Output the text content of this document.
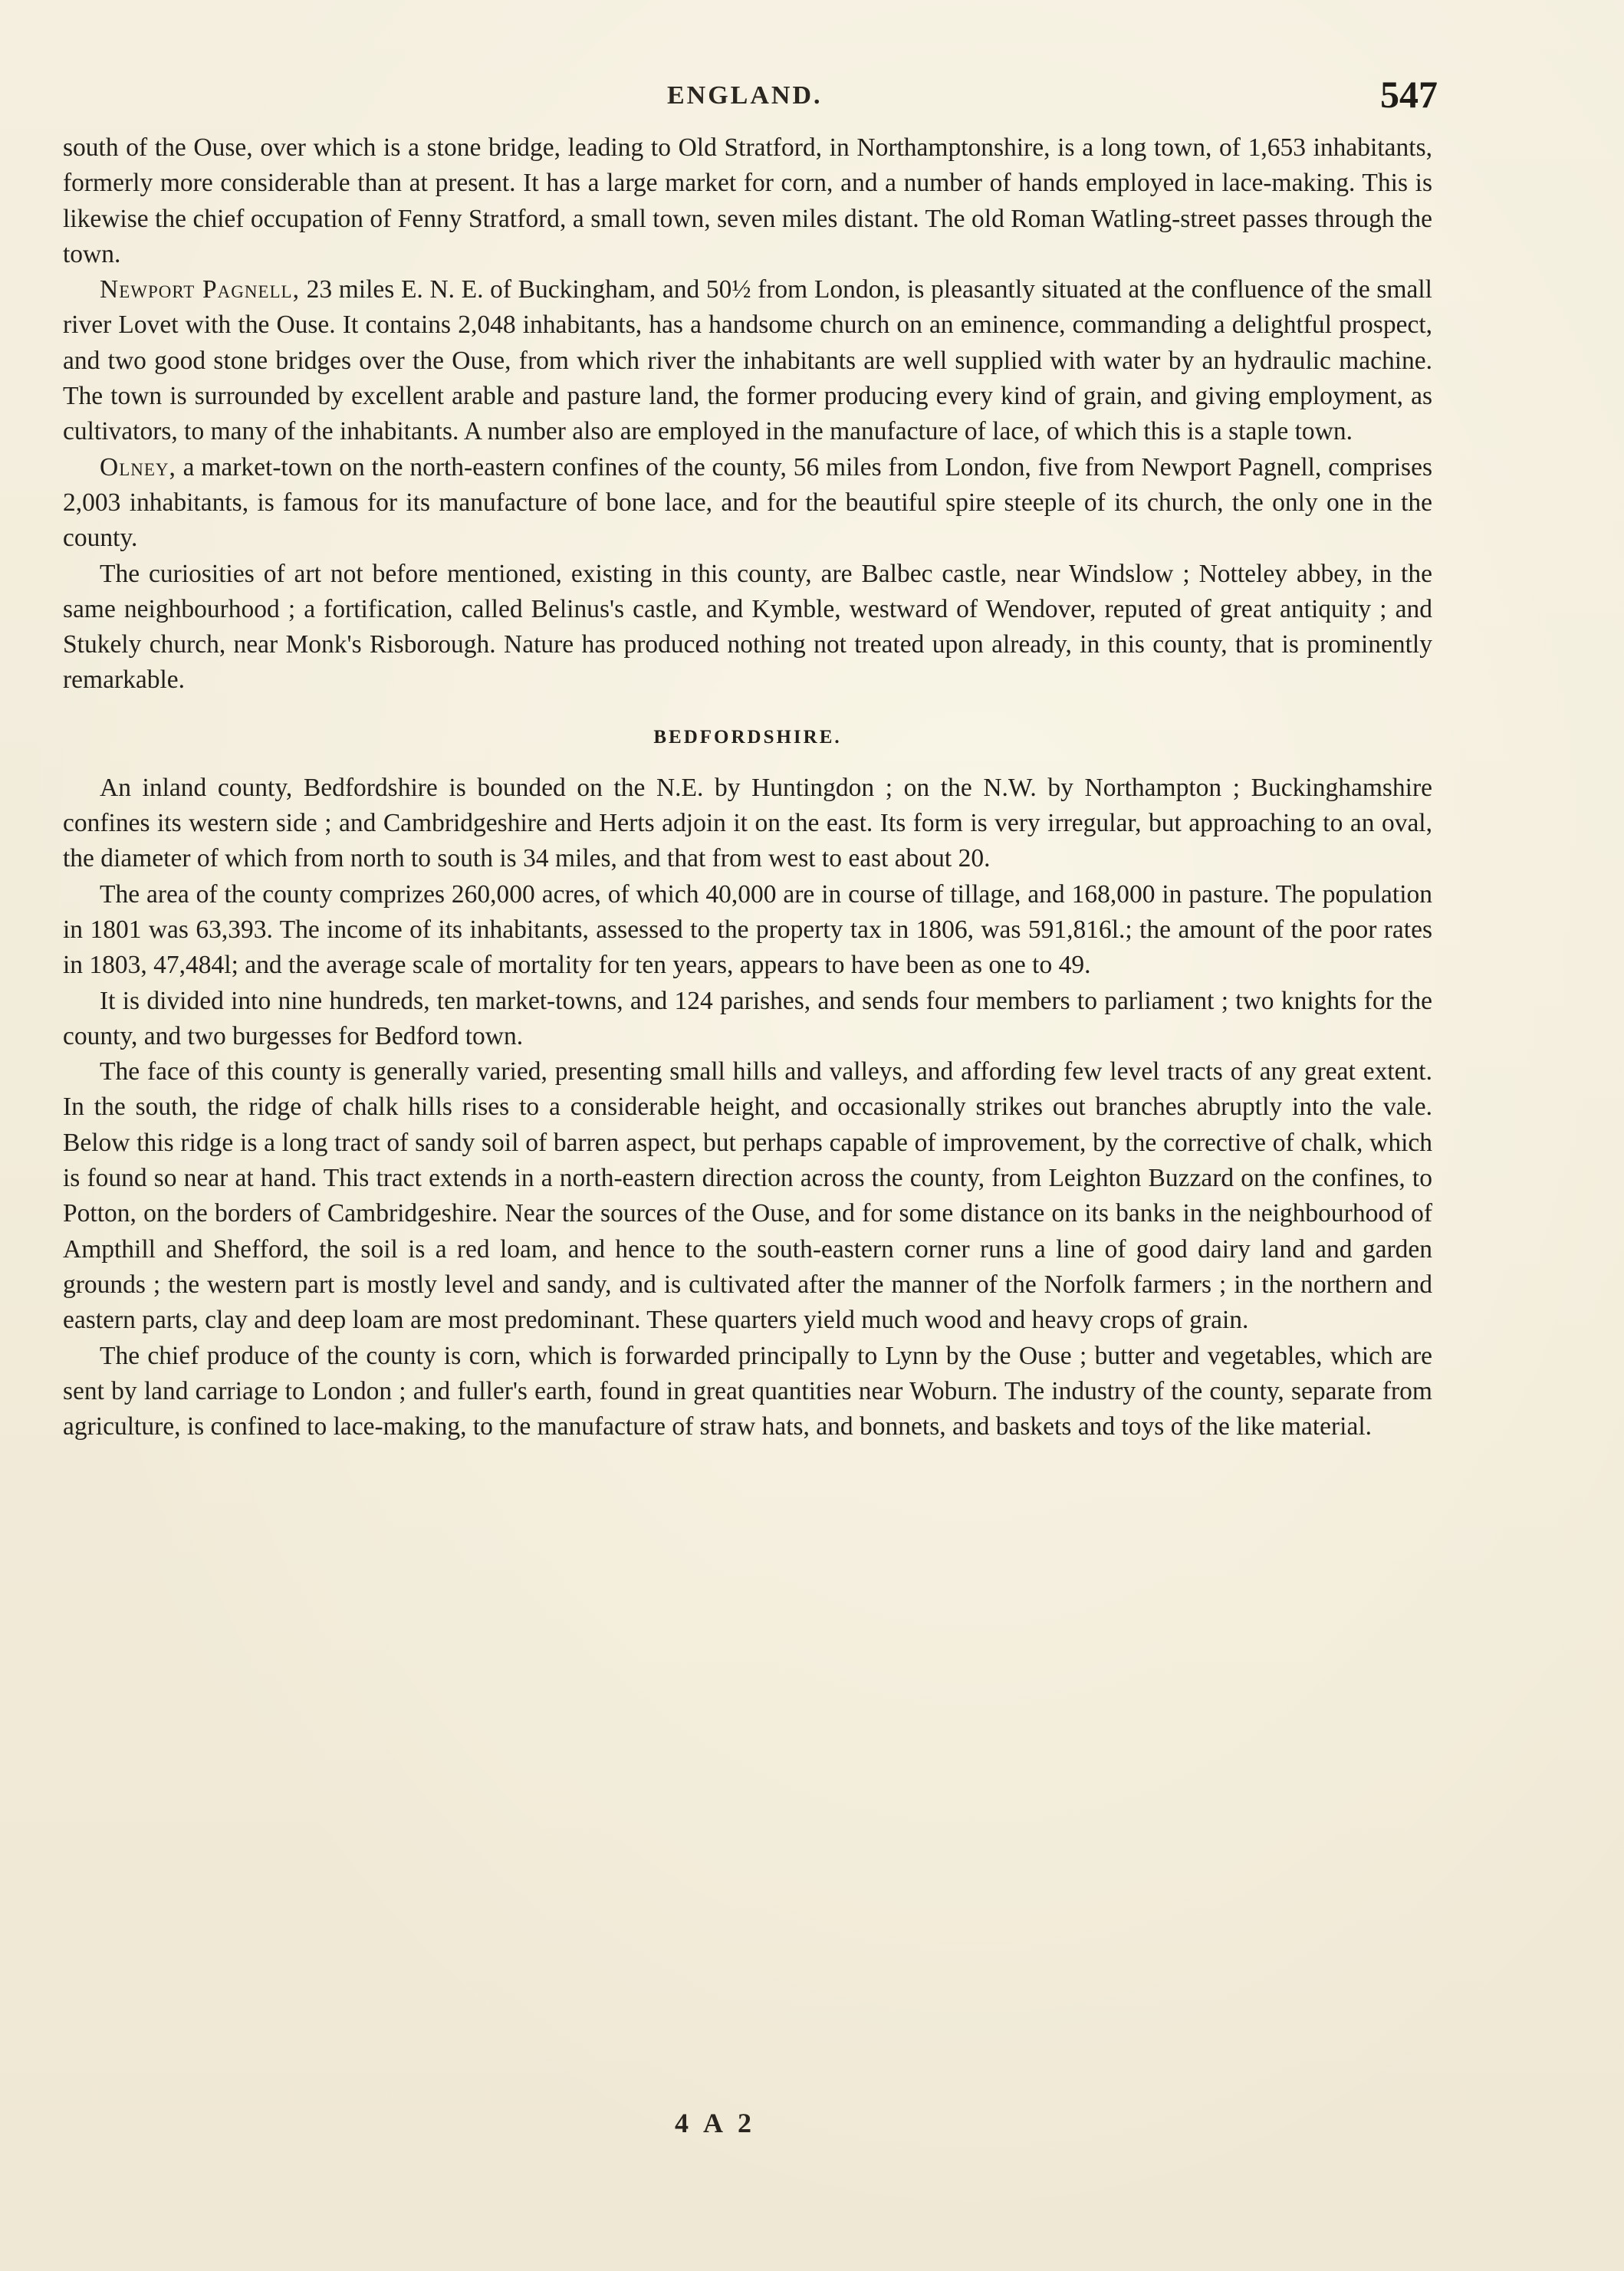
ENGLAND.	547

south of the Ouse, over which is a stone bridge, leading to Old Stratford, in Northamptonshire, is a long town, of 1,653 inhabitants, formerly more considerable than at present. It has a large market for corn, and a number of hands employed in lace-making. This is likewise the chief occupation of Fenny Stratford, a small town, seven miles distant. The old Roman Watling-street passes through the town.

Newport Pagnell, 23 miles E. N. E. of Buckingham, and 50½ from London, is pleasantly situated at the confluence of the small river Lovet with the Ouse. It contains 2,048 inhabitants, has a handsome church on an eminence, commanding a delightful prospect, and two good stone bridges over the Ouse, from which river the inhabitants are well supplied with water by an hydraulic machine. The town is surrounded by excellent arable and pasture land, the former producing every kind of grain, and giving employment, as cultivators, to many of the inhabitants. A number also are employed in the manufacture of lace, of which this is a staple town.

Olney, a market-town on the north-eastern confines of the county, 56 miles from London, five from Newport Pagnell, comprises 2,003 inhabitants, is famous for its manufacture of bone lace, and for the beautiful spire steeple of its church, the only one in the county.

The curiosities of art not before mentioned, existing in this county, are Balbec castle, near Windslow ; Notteley abbey, in the same neighbourhood ; a fortification, called Belinus's castle, and Kymble, westward of Wendover, reputed of great antiquity ; and Stukely church, near Monk's Risborough. Nature has produced nothing not treated upon already, in this county, that is prominently remarkable.

BEDFORDSHIRE.

An inland county, Bedfordshire is bounded on the N.E. by Huntingdon ; on the N.W. by Northampton ; Buckinghamshire confines its western side ; and Cambridgeshire and Herts adjoin it on the east. Its form is very irregular, but approaching to an oval, the diameter of which from north to south is 34 miles, and that from west to east about 20.

The area of the county comprizes 260,000 acres, of which 40,000 are in course of tillage, and 168,000 in pasture. The population in 1801 was 63,393. The income of its inhabitants, assessed to the property tax in 1806, was 591,816l.; the amount of the poor rates in 1803, 47,484l; and the average scale of mortality for ten years, appears to have been as one to 49.

It is divided into nine hundreds, ten market-towns, and 124 parishes, and sends four members to parliament ; two knights for the county, and two burgesses for Bedford town.

The face of this county is generally varied, presenting small hills and valleys, and affording few level tracts of any great extent. In the south, the ridge of chalk hills rises to a considerable height, and occasionally strikes out branches abruptly into the vale. Below this ridge is a long tract of sandy soil of barren aspect, but perhaps capable of improvement, by the corrective of chalk, which is found so near at hand. This tract extends in a north-eastern direction across the county, from Leighton Buzzard on the confines, to Potton, on the borders of Cambridgeshire. Near the sources of the Ouse, and for some distance on its banks in the neighbourhood of Ampthill and Shefford, the soil is a red loam, and hence to the south-eastern corner runs a line of good dairy land and garden grounds ; the western part is mostly level and sandy, and is cultivated after the manner of the Norfolk farmers ; in the northern and eastern parts, clay and deep loam are most predominant. These quarters yield much wood and heavy crops of grain.

The chief produce of the county is corn, which is forwarded principally to Lynn by the Ouse ; butter and vegetables, which are sent by land carriage to London ; and fuller's earth, found in great quantities near Woburn. The industry of the county, separate from agriculture, is confined to lace-making, to the manufacture of straw hats, and bonnets, and baskets and toys of the like material.

4 A 2
